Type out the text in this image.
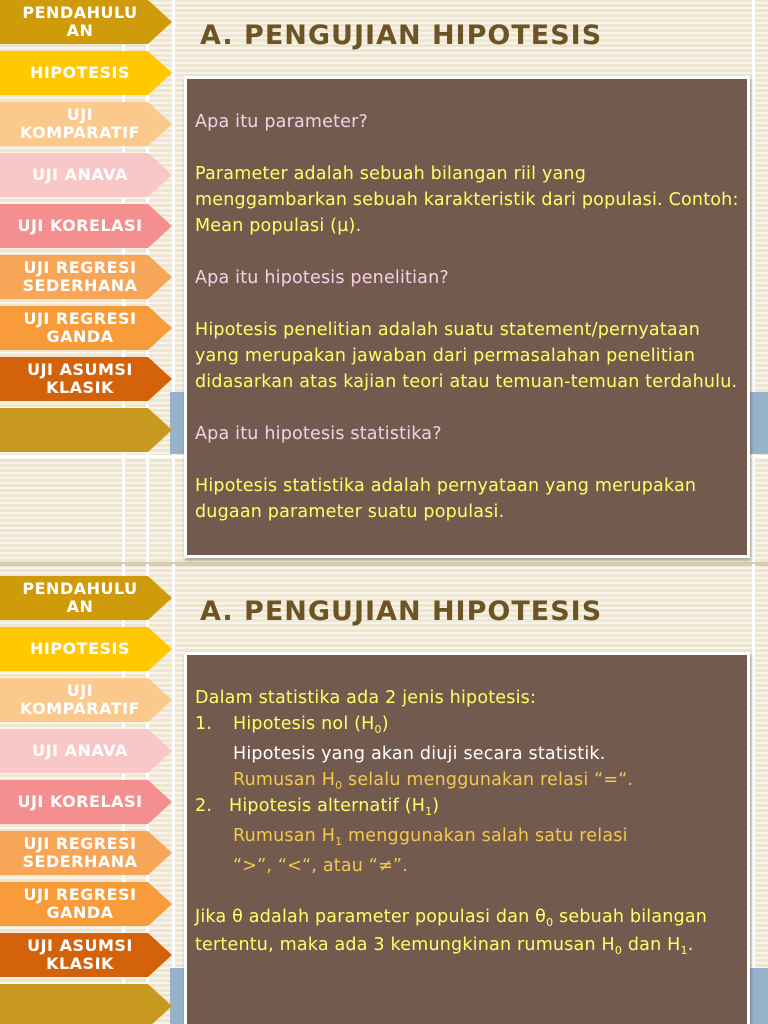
PENDAHULU
AN
HIPOTESIS
UJI
KOMPARATIF
UJI ANAVA
UJI KORELASI
UJI REGRESI
SEDERHANA
UJI REGRESI
GANDA
UJI ASUMSI
KLASIK
A. PENGUJIAN HIPOTESIS

Apa itu parameter?

Parameter adalah sebuah bilangan riil yang menggambarkan sebuah karakteristik dari populasi. Contoh: Mean populasi (µ).

Apa itu hipotesis penelitian?

Hipotesis penelitian adalah suatu statement/pernyataan yang merupakan jawaban dari permasalahan penelitian didasarkan atas kajian teori atau temuan-temuan terdahulu.

Apa itu hipotesis statistika?

Hipotesis statistika adalah pernyataan yang merupakan dugaan parameter suatu populasi.

PENDAHULU
AN
HIPOTESIS
UJI
KOMPARATIF
UJI ANAVA
UJI KORELASI
UJI REGRESI
SEDERHANA
UJI REGRESI
GANDA
UJI ASUMSI
KLASIK
A. PENGUJIAN HIPOTESIS

Dalam statistika ada 2 jenis hipotesis:

1. Hipotesis nol $(H_0)$

Hipotesis yang akan diuji secara statistik.

Rumusan $H_0$ selalu menggunakan relasi “=“.

2. Hipotesis alternatif $(H_1)$

Rumusan $H_1$ menggunakan salah satu relasi

“>”, “<“, atau “≠”.

Jika θ adalah parameter populasi dan $\theta_0$ sebuah bilangan tertentu, maka ada 3 kemungkinan rumusan $H_0$ dan $H_1$.
